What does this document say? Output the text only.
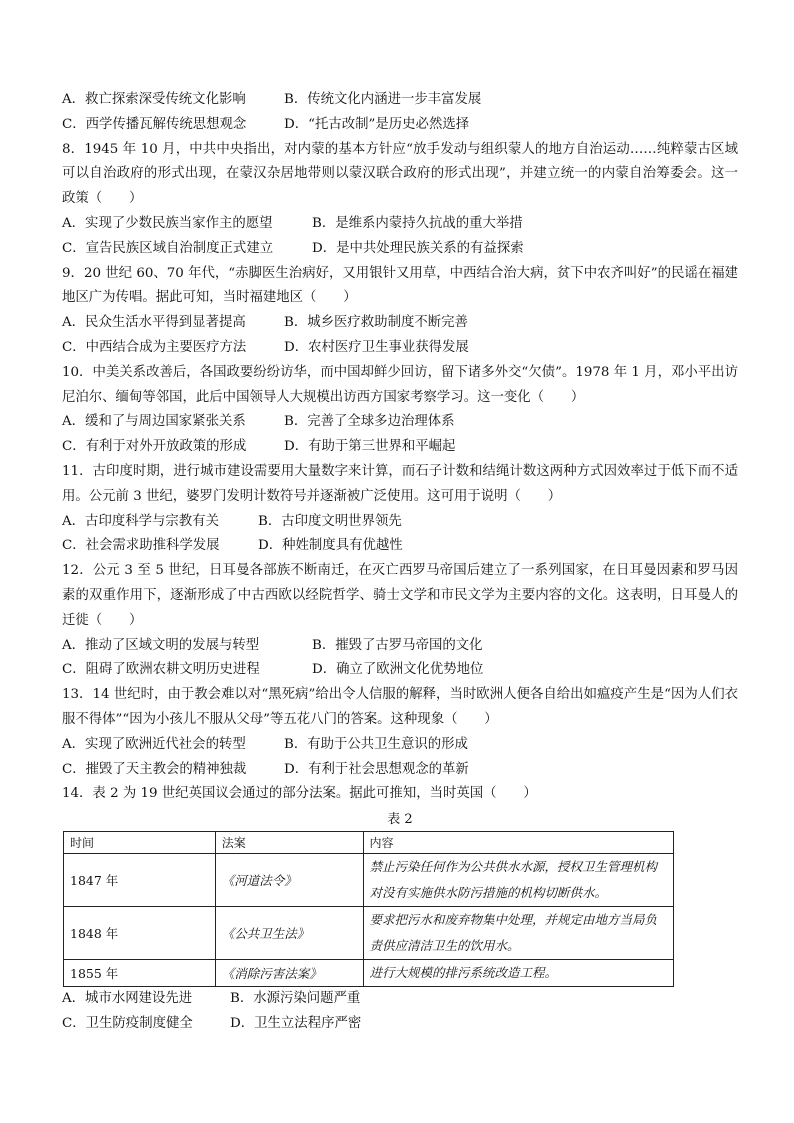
A．救亡探索深受传统文化影响	B．传统文化内涵进一步丰富发展
C．西学传播瓦解传统思想观念	D．“托古改制”是历史必然选择
8．1945 年 10 月，中共中央指出，对内蒙的基本方针应“放手发动与组织蒙人的地方自治运动……纯粹蒙古区域可以自治政府的形式出现，在蒙汉杂居地带则以蒙汉联合政府的形式出现”，并建立统一的内蒙自治筹委会。这一政策（　　）
A．实现了少数民族当家作主的愿望	B．是维系内蒙持久抗战的重大举措
C．宣告民族区域自治制度正式建立	D．是中共处理民族关系的有益探索
9．20 世纪 60、70 年代，“赤脚医生治病好，又用银针又用草，中西结合治大病，贫下中农齐叫好”的民谣在福建地区广为传唱。据此可知，当时福建地区（　　）
A．民众生活水平得到显著提高	B．城乡医疗救助制度不断完善
C．中西结合成为主要医疗方法	D．农村医疗卫生事业获得发展
10．中美关系改善后，各国政要纷纷访华，而中国却鲜少回访，留下诸多外交“欠债”。1978 年 1 月，邓小平出访尼泊尔、缅甸等邻国，此后中国领导人大规模出访西方国家考察学习。这一变化（　　）
A．缓和了与周边国家紧张关系	B．完善了全球多边治理体系
C．有利于对外开放政策的形成	D．有助于第三世界和平崛起
11．古印度时期，进行城市建设需要用大量数字来计算，而石子计数和结绳计数这两种方式因效率过于低下而不适用。公元前 3 世纪，婆罗门发明计数符号并逐渐被广泛使用。这可用于说明（　　）
A．古印度科学与宗教有关	B．古印度文明世界领先
C．社会需求助推科学发展	D．种姓制度具有优越性
12．公元 3 至 5 世纪，日耳曼各部族不断南迁，在灭亡西罗马帝国后建立了一系列国家，在日耳曼因素和罗马因素的双重作用下，逐渐形成了中古西欧以经院哲学、骑士文学和市民文学为主要内容的文化。这表明，日耳曼人的迁徙（　　）
A．推动了区域文明的发展与转型	B．摧毁了古罗马帝国的文化
C．阻碍了欧洲农耕文明历史进程	D．确立了欧洲文化优势地位
13．14 世纪时，由于教会难以对“黑死病”给出令人信服的解释，当时欧洲人便各自给出如瘟疫产生是“因为人们衣服不得体”“因为小孩儿不服从父母”等五花八门的答案。这种现象（　　）
A．实现了欧洲近代社会的转型	B．有助于公共卫生意识的形成
C．摧毁了天主教会的精神独裁	D．有利于社会思想观念的革新
14．表 2 为 19 世纪英国议会通过的部分法案。据此可推知，当时英国（　　）
表 2
时间	法案	内容
1847 年	《河道法令》	禁止污染任何作为公共供水水源，授权卫生管理机构对没有实施供水防污措施的机构切断供水。
1848 年	《公共卫生法》	要求把污水和废弃物集中处理，并规定由地方当局负责供应清洁卫生的饮用水。
1855 年	《消除污害法案》	进行大规模的排污系统改造工程。
A．城市水网建设先进	B．水源污染问题严重
C．卫生防疫制度健全	D．卫生立法程序严密
